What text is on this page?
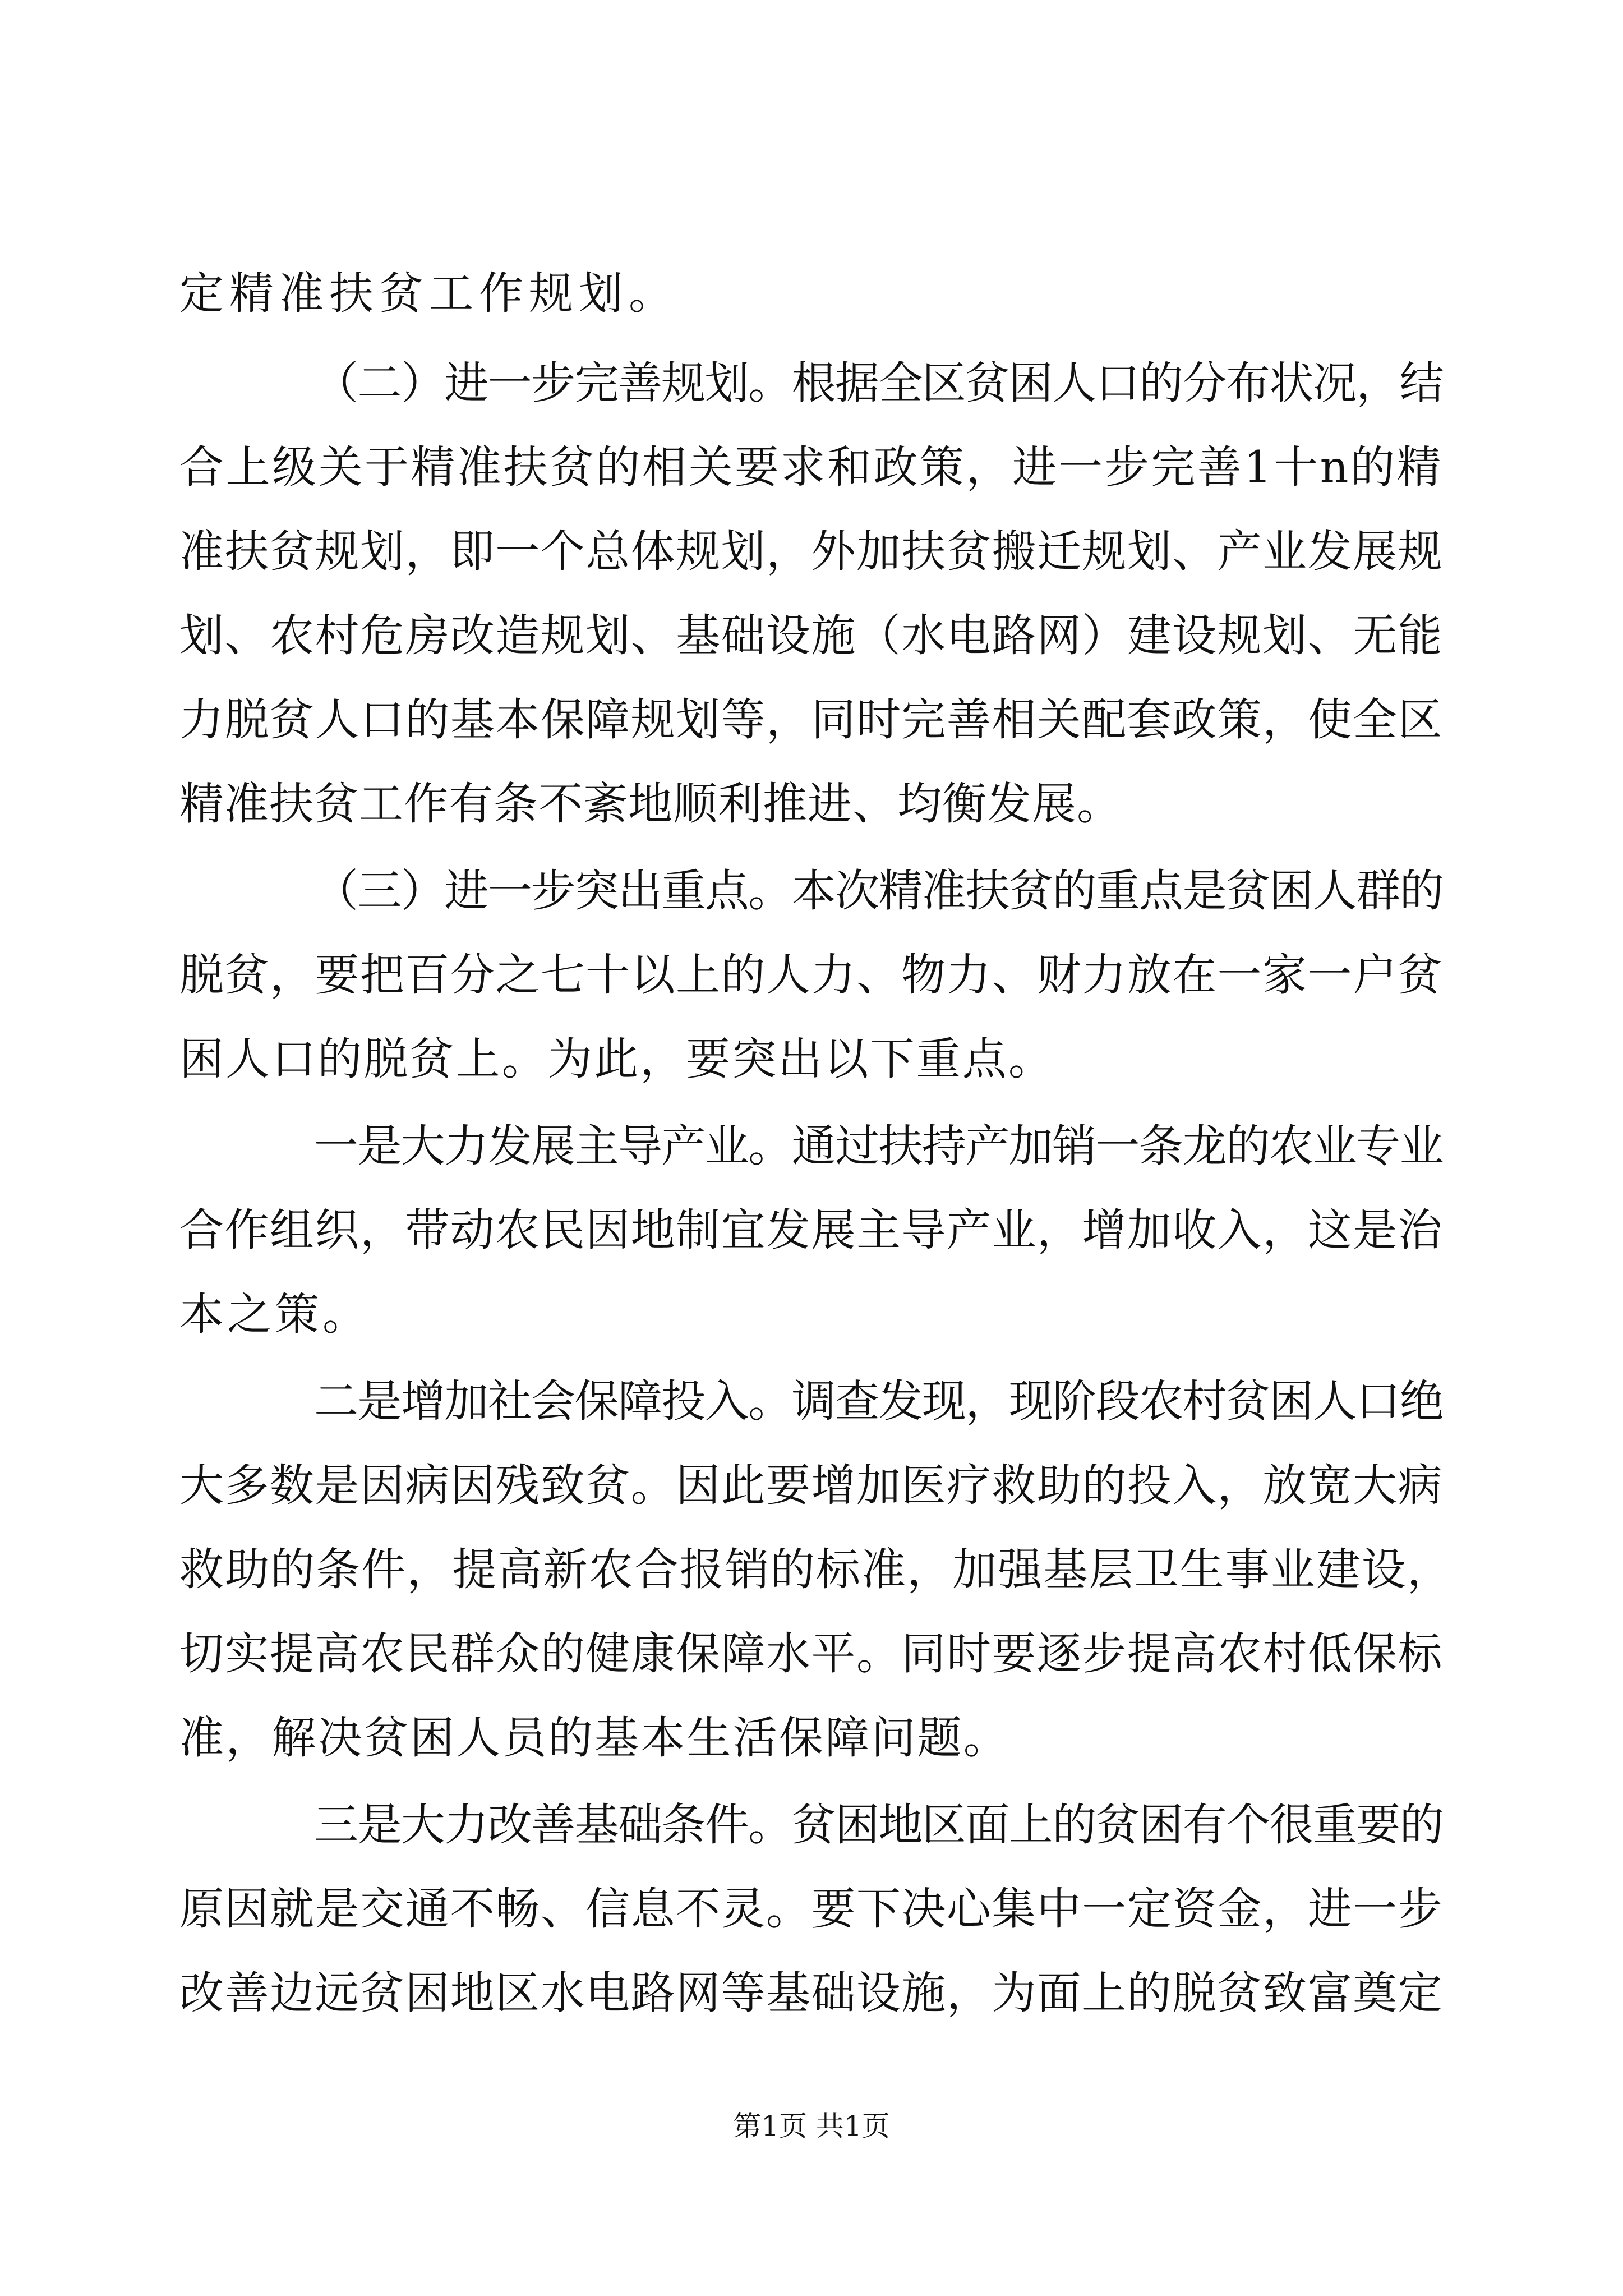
定精准扶贫工作规划。
（二）进一步完善规划。根据全区贫困人口的分布状况，结
合上级关于精准扶贫的相关要求和政策，进一步完善1十n的精
准扶贫规划，即一个总体规划，外加扶贫搬迁规划、产业发展规
划、农村危房改造规划、基础设施（水电路网）建设规划、无能
力脱贫人口的基本保障规划等，同时完善相关配套政策，使全区
精准扶贫工作有条不紊地顺利推进、均衡发展。
（三）进一步突出重点。本次精准扶贫的重点是贫困人群的
脱贫，要把百分之七十以上的人力、物力、财力放在一家一户贫
困人口的脱贫上。为此，要突出以下重点。
一是大力发展主导产业。通过扶持产加销一条龙的农业专业
合作组织，带动农民因地制宜发展主导产业，增加收入，这是治
本之策。
二是增加社会保障投入。调查发现，现阶段农村贫困人口绝
大多数是因病因残致贫。因此要增加医疗救助的投入，放宽大病
救助的条件，提高新农合报销的标准，加强基层卫生事业建设，
切实提高农民群众的健康保障水平。同时要逐步提高农村低保标
准，解决贫困人员的基本生活保障问题。
三是大力改善基础条件。贫困地区面上的贫困有个很重要的
原因就是交通不畅、信息不灵。要下决心集中一定资金，进一步
改善边远贫困地区水电路网等基础设施，为面上的脱贫致富奠定
第1页 共1页
